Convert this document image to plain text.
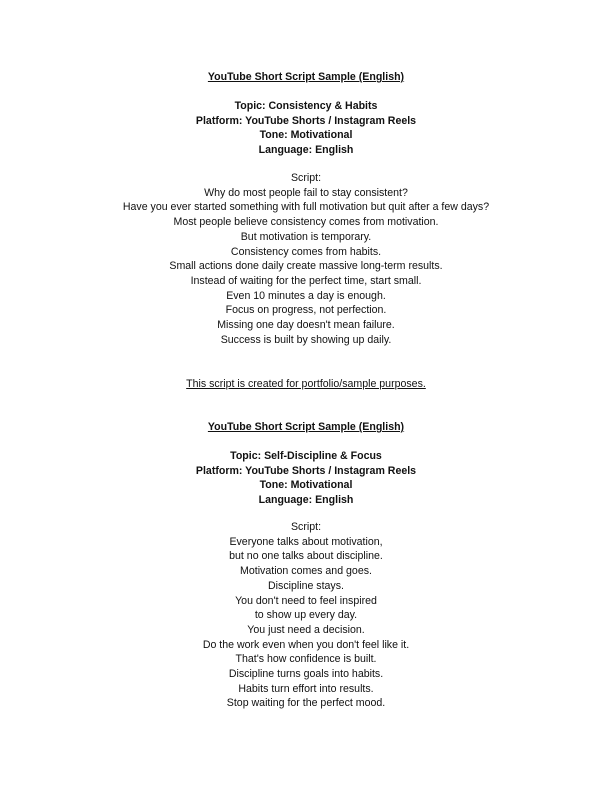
YouTube Short Script Sample (English)
Topic: Consistency & Habits
Platform: YouTube Shorts / Instagram Reels
Tone: Motivational
Language: English
Script:
Why do most people fail to stay consistent?
Have you ever started something with full motivation but quit after a few days?
Most people believe consistency comes from motivation.
But motivation is temporary.
Consistency comes from habits.
Small actions done daily create massive long-term results.
Instead of waiting for the perfect time, start small.
Even 10 minutes a day is enough.
Focus on progress, not perfection.
Missing one day doesn't mean failure.
Success is built by showing up daily.
This script is created for portfolio/sample purposes.
YouTube Short Script Sample (English)
Topic: Self-Discipline & Focus
Platform: YouTube Shorts / Instagram Reels
Tone: Motivational
Language: English
Script:
Everyone talks about motivation,
but no one talks about discipline.
Motivation comes and goes.
Discipline stays.
You don't need to feel inspired
to show up every day.
You just need a decision.
Do the work even when you don't feel like it.
That's how confidence is built.
Discipline turns goals into habits.
Habits turn effort into results.
Stop waiting for the perfect mood.
